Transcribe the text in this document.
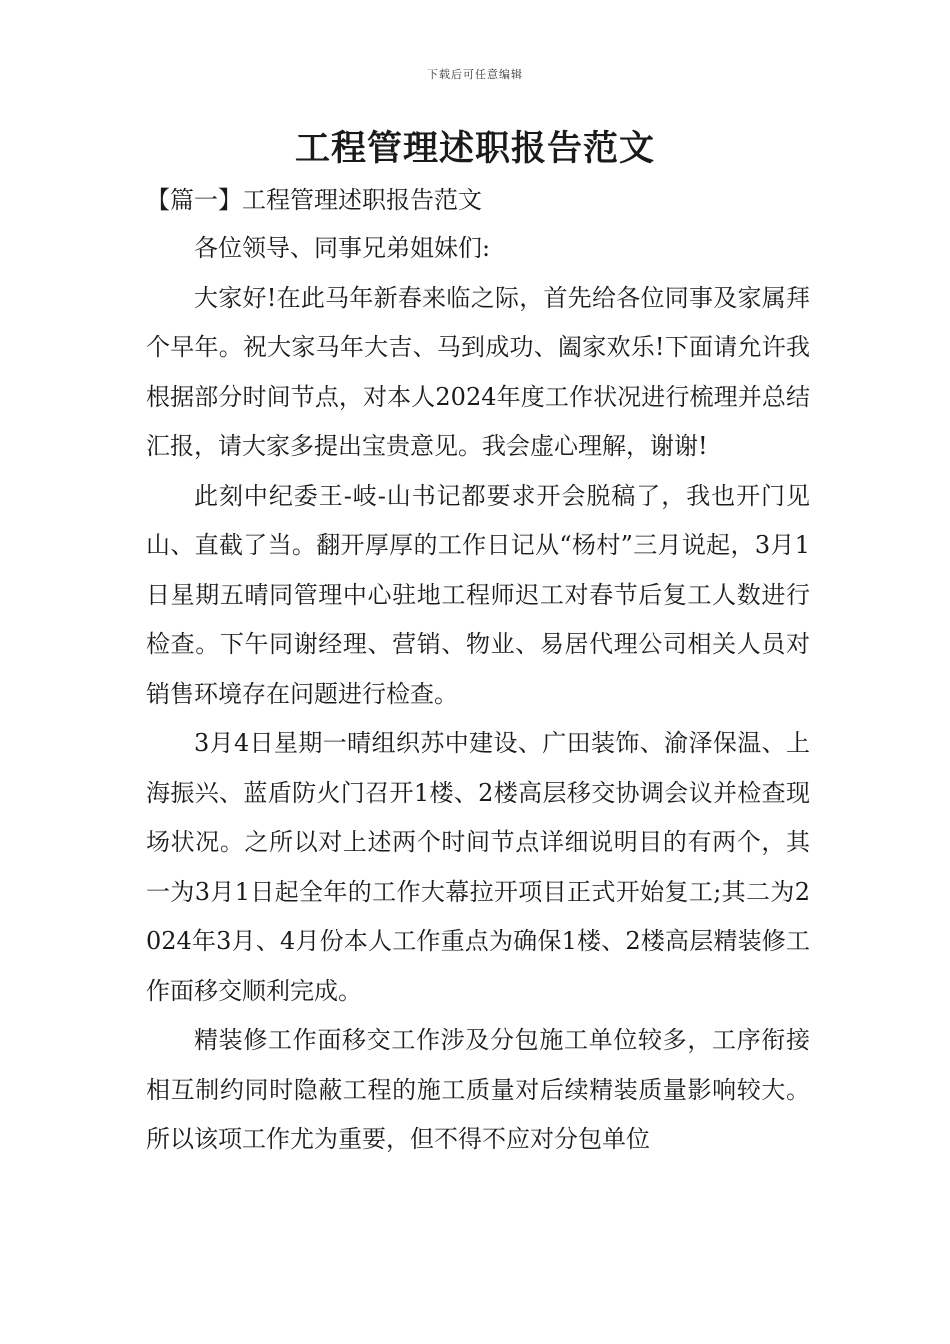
下载后可任意编辑
工程管理述职报告范文
【篇一】工程管理述职报告范文

各位领导、同事兄弟姐妹们:

大家好!在此马年新春来临之际，首先给各位同事及家属拜个早年。祝大家马年大吉、马到成功、阖家欢乐!下面请允许我根据部分时间节点，对本人2024年度工作状况进行梳理并总结汇报，请大家多提出宝贵意见。我会虚心理解，谢谢!

此刻中纪委王-岐-山书记都要求开会脱稿了，我也开门见山、直截了当。翻开厚厚的工作日记从“杨村”三月说起，3月1日星期五晴同管理中心驻地工程师迟工对春节后复工人数进行检查。下午同谢经理、营销、物业、易居代理公司相关人员对销售环境存在问题进行检查。

3月4日星期一晴组织苏中建设、广田装饰、渝泽保温、上海振兴、蓝盾防火门召开1楼、2楼高层移交协调会议并检查现场状况。之所以对上述两个时间节点详细说明目的有两个，其一为3月1日起全年的工作大幕拉开项目正式开始复工;其二为2024年3月、4月份本人工作重点为确保1楼、2楼高层精装修工作面移交顺利完成。

精装修工作面移交工作涉及分包施工单位较多，工序衔接相互制约同时隐蔽工程的施工质量对后续精装质量影响较大。所以该项工作尤为重要，但不得不应对分包单位
